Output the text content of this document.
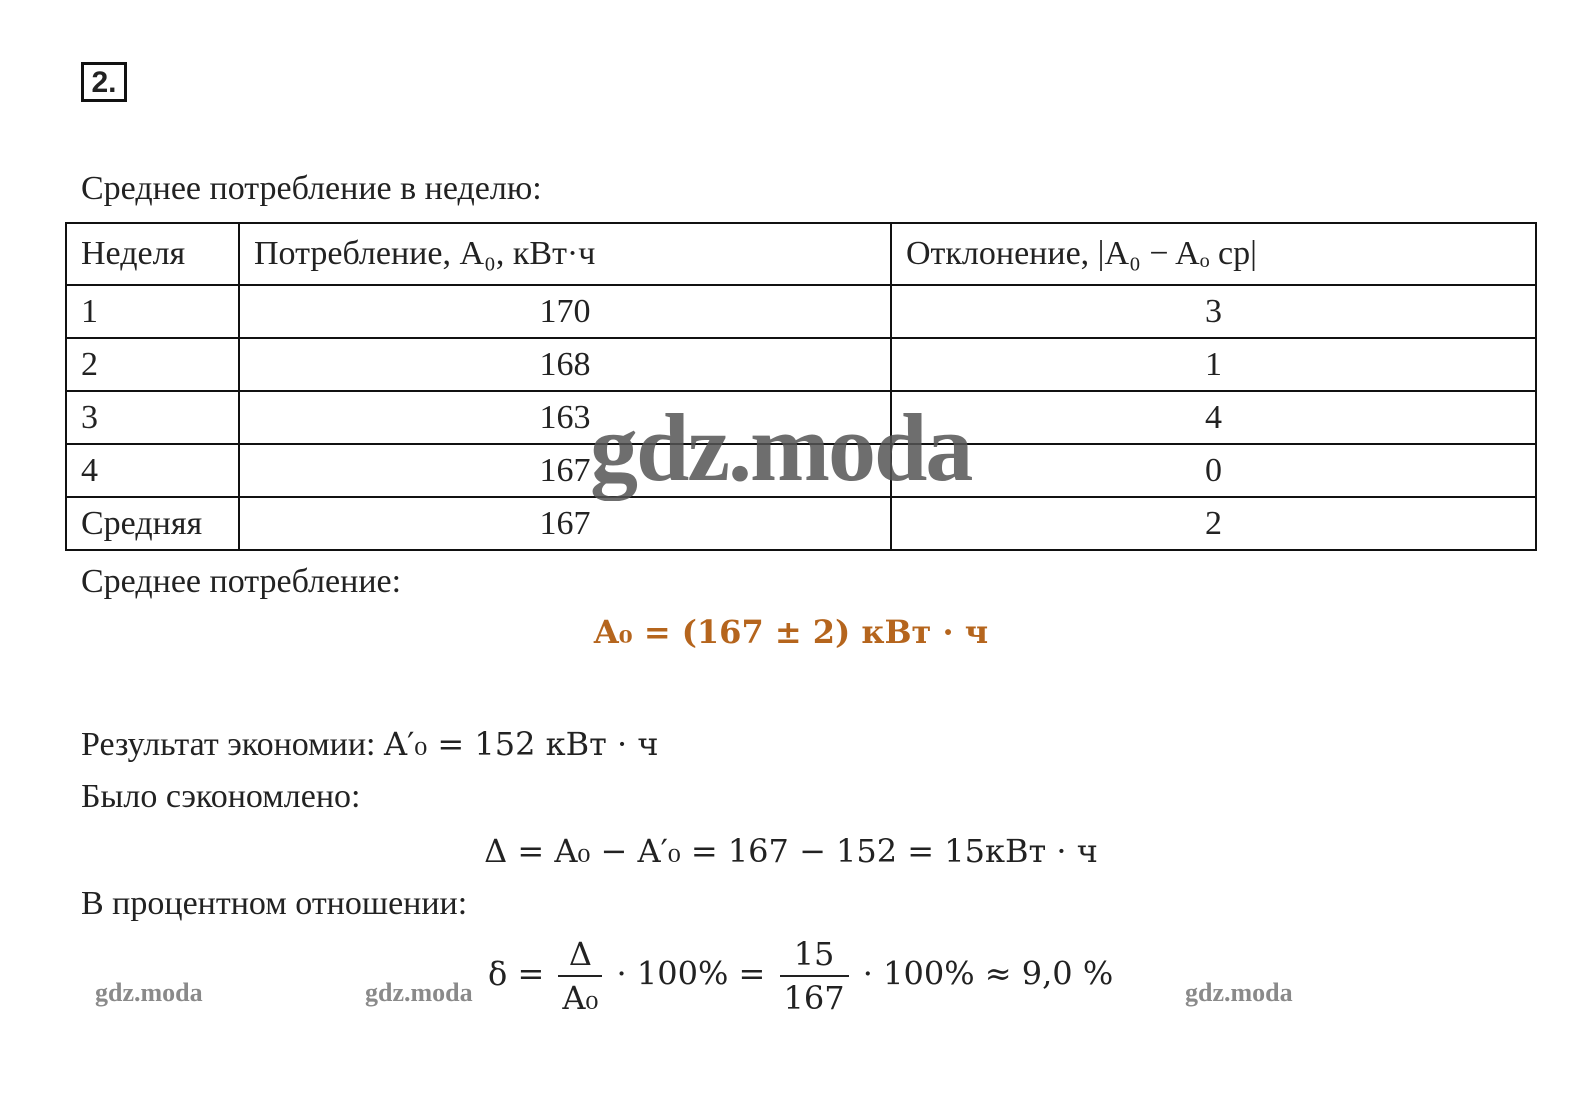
2.
Среднее потребление в неделю:
Неделя	Потребление, A₀, кВт·ч	Отклонение, |A₀ − Aₒ ср|
1	170	3
2	168	1
3	163	4
4	167	0
Средняя	167	2
gdz.moda
Среднее потребление:
A₀ = (167 ± 2) кВт · ч
Результат экономии: A′₀ = 152 кВт · ч
Было сэкономлено:
Δ = A₀ − A′₀ = 167 − 152 = 15кВт · ч
В процентном отношении:
$\delta = \frac{\Delta}{\text{A₀}} \cdot 100\% = \frac{15}{167} \cdot 100\% \approx 9,0$ %
gdz.moda	gdz.moda	gdz.moda
